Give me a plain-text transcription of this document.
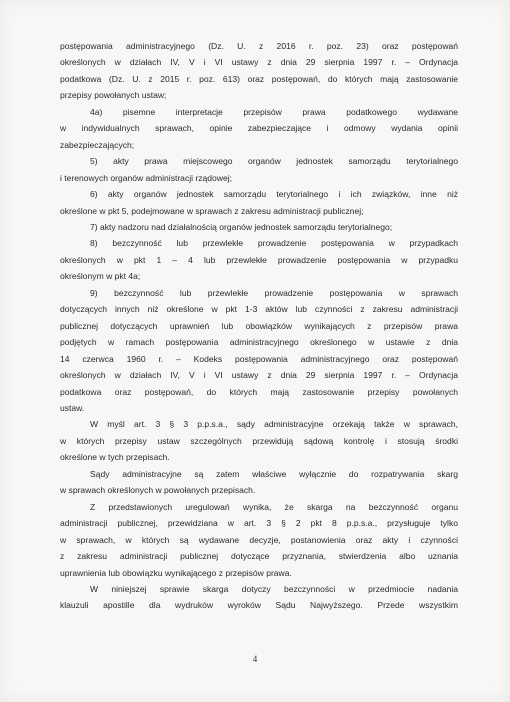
postępowania administracyjnego (Dz. U. z 2016 r. poz. 23) oraz postępowań
określonych w działach IV, V i VI ustawy z dnia 29 sierpnia 1997 r. – Ordynacja
podatkowa (Dz. U. z 2015 r. poz. 613) oraz postępowań, do których mają zastosowanie
przepisy powołanych ustaw;
4a) pisemne interpretacje przepisów prawa podatkowego wydawane
w indywidualnych sprawach, opinie zabezpieczające i odmowy wydania opinii
zabezpieczających;
5) akty prawa miejscowego organów jednostek samorządu terytorialnego
i terenowych organów administracji rządowej;
6) akty organów jednostek samorządu terytorialnego i ich związków, inne niż
określone w pkt 5, podejmowane w sprawach z zakresu administracji publicznej;
7) akty nadzoru nad działalnością organów jednostek samorządu terytorialnego;
8) bezczynność lub przewlekłe prowadzenie postępowania w przypadkach
określonych w pkt 1 – 4 lub przewlekłe prowadzenie postępowania w przypadku
określonym w pkt 4a;
9) bezczynność lub przewlekłe prowadzenie postępowania w sprawach
dotyczących innych niż określone w pkt 1-3 aktów lub czynności z zakresu administracji
publicznej dotyczących uprawnień lub obowiązków wynikających z przepisów prawa
podjętych w ramach postępowania administracyjnego określonego w ustawie z dnia
14 czerwca 1960 r. – Kodeks postępowania administracyjnego oraz postępowań
określonych w działach IV, V i VI ustawy z dnia 29 sierpnia 1997 r. – Ordynacja
podatkowa oraz postępowań, do których mają zastosowanie przepisy powołanych
ustaw.
W myśl art. 3 § 3 p.p.s.a., sądy administracyjne orzekają także w sprawach,
w których przepisy ustaw szczególnych przewidują sądową kontrolę i stosują środki
określone w tych przepisach.
Sądy administracyjne są zatem właściwe wyłącznie do rozpatrywania skarg
w sprawach określonych w powołanych przepisach.
Z przedstawionych uregulowań wynika, że skarga na bezczynność organu
administracji publicznej, przewidziana w art. 3 § 2 pkt 8 p.p.s.a., przysługuje tylko
w sprawach, w których są wydawane decyzje, postanowienia oraz akty i czynności
z zakresu administracji publicznej dotyczące przyznania, stwierdzenia albo uznania
uprawnienia lub obowiązku wynikającego z przepisów prawa.
W niniejszej sprawie skarga dotyczy bezczynności w przedmiocie nadania
klauzuli apostille dla wydruków wyroków Sądu Najwyższego. Przede wszystkim
4
